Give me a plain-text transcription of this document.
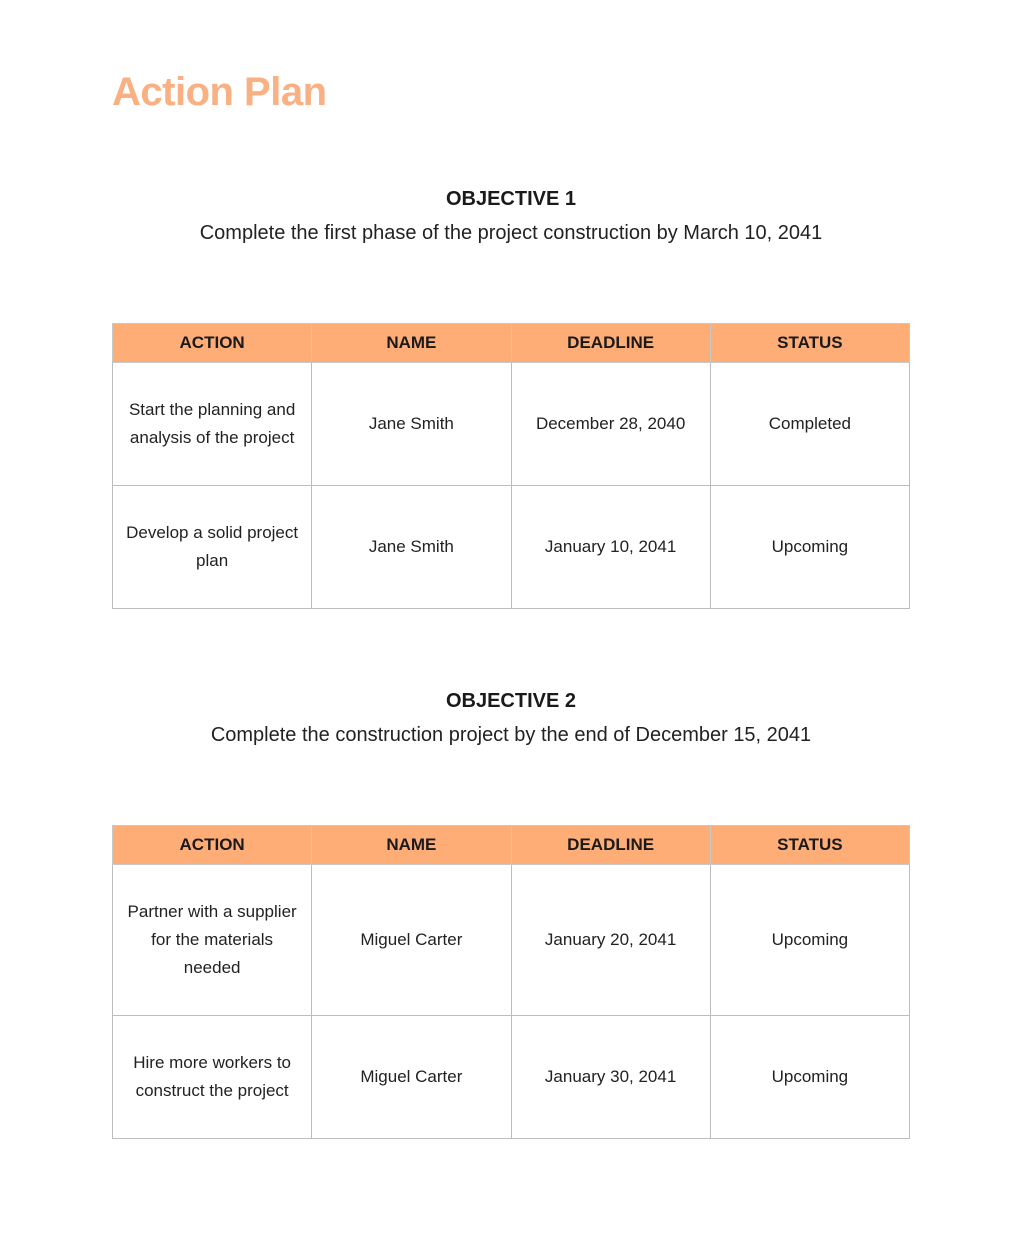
Action Plan
OBJECTIVE 1
Complete the first phase of the project construction by March 10, 2041
ACTION	NAME	DEADLINE	STATUS
Start the planning and analysis of the project	Jane Smith	December 28, 2040	Completed
Develop a solid project plan	Jane Smith	January 10, 2041	Upcoming
OBJECTIVE 2
Complete the construction project by the end of December 15, 2041
ACTION	NAME	DEADLINE	STATUS
Partner with a supplier for the materials needed	Miguel Carter	January 20, 2041	Upcoming
Hire more workers to construct the project	Miguel Carter	January 30, 2041	Upcoming
